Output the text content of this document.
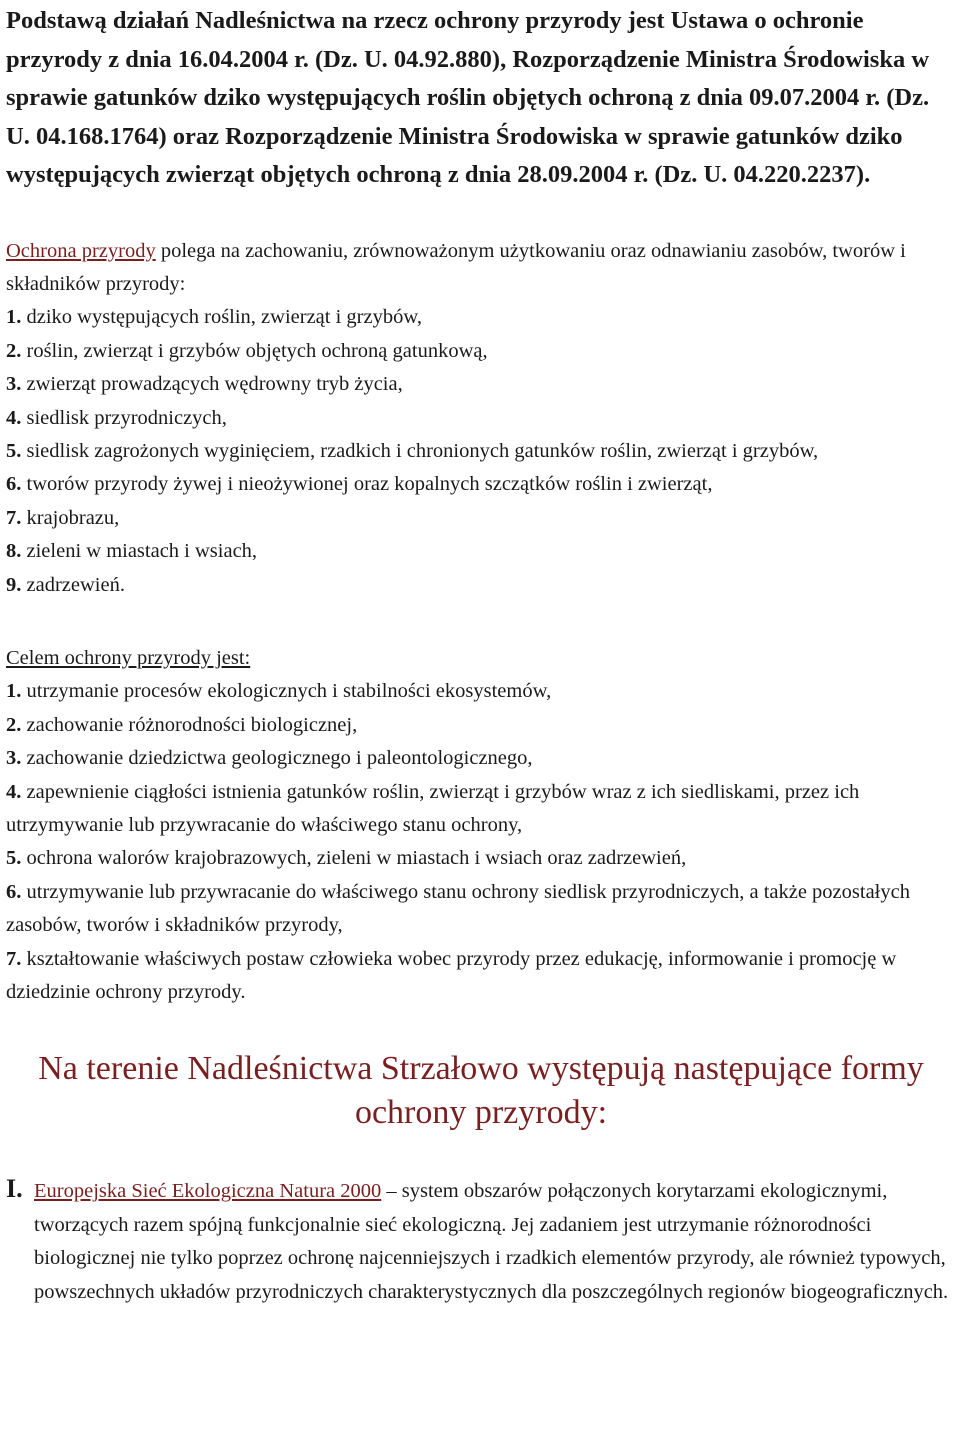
Podstawą działań Nadleśnictwa na rzecz ochrony przyrody jest Ustawa o ochronie przyrody z dnia 16.04.2004 r. (Dz. U. 04.92.880), Rozporządzenie Ministra Środowiska w sprawie gatunków dziko występujących roślin objętych ochroną z dnia 09.07.2004 r. (Dz. U. 04.168.1764) oraz Rozporządzenie Ministra Środowiska w sprawie gatunków dziko występujących zwierząt objętych ochroną z dnia 28.09.2004 r. (Dz. U. 04.220.2237).

Ochrona przyrody polega na zachowaniu, zrównoważonym użytkowaniu oraz odnawianiu zasobów, tworów i składników przyrody:
1. dziko występujących roślin, zwierząt i grzybów,
2. roślin, zwierząt i grzybów objętych ochroną gatunkową,
3. zwierząt prowadzących wędrowny tryb życia,
4. siedlisk przyrodniczych,
5. siedlisk zagrożonych wyginięciem, rzadkich i chronionych gatunków roślin, zwierząt i grzybów,
6. tworów przyrody żywej i nieożywionej oraz kopalnych szczątków roślin i zwierząt,
7. krajobrazu,
8. zieleni w miastach i wsiach,
9. zadrzewień.
Celem ochrony przyrody jest:
1. utrzymanie procesów ekologicznych i stabilności ekosystemów,
2. zachowanie różnorodności biologicznej,
3. zachowanie dziedzictwa geologicznego i paleontologicznego,
4. zapewnienie ciągłości istnienia gatunków roślin, zwierząt i grzybów wraz z ich siedliskami, przez ich utrzymywanie lub przywracanie do właściwego stanu ochrony,
5. ochrona walorów krajobrazowych, zieleni w miastach i wsiach oraz zadrzewień,
6. utrzymywanie lub przywracanie do właściwego stanu ochrony siedlisk przyrodniczych, a także pozostałych zasobów, tworów i składników przyrody,
7. kształtowanie właściwych postaw człowieka wobec przyrody przez edukację, informowanie i promocję w dziedzinie ochrony przyrody.
Na terenie Nadleśnictwa Strzałowo występują następujące formy ochrony przyrody:
I. Europejska Sieć Ekologiczna Natura 2000 – system obszarów połączonych korytarzami ekologicznymi, tworzących razem spójną funkcjonalnie sieć ekologiczną. Jej zadaniem jest utrzymanie różnorodności biologicznej nie tylko poprzez ochronę najcenniejszych i rzadkich elementów przyrody, ale również typowych, powszechnych układów przyrodniczych charakterystycznych dla poszczególnych regionów biogeograficznych.
